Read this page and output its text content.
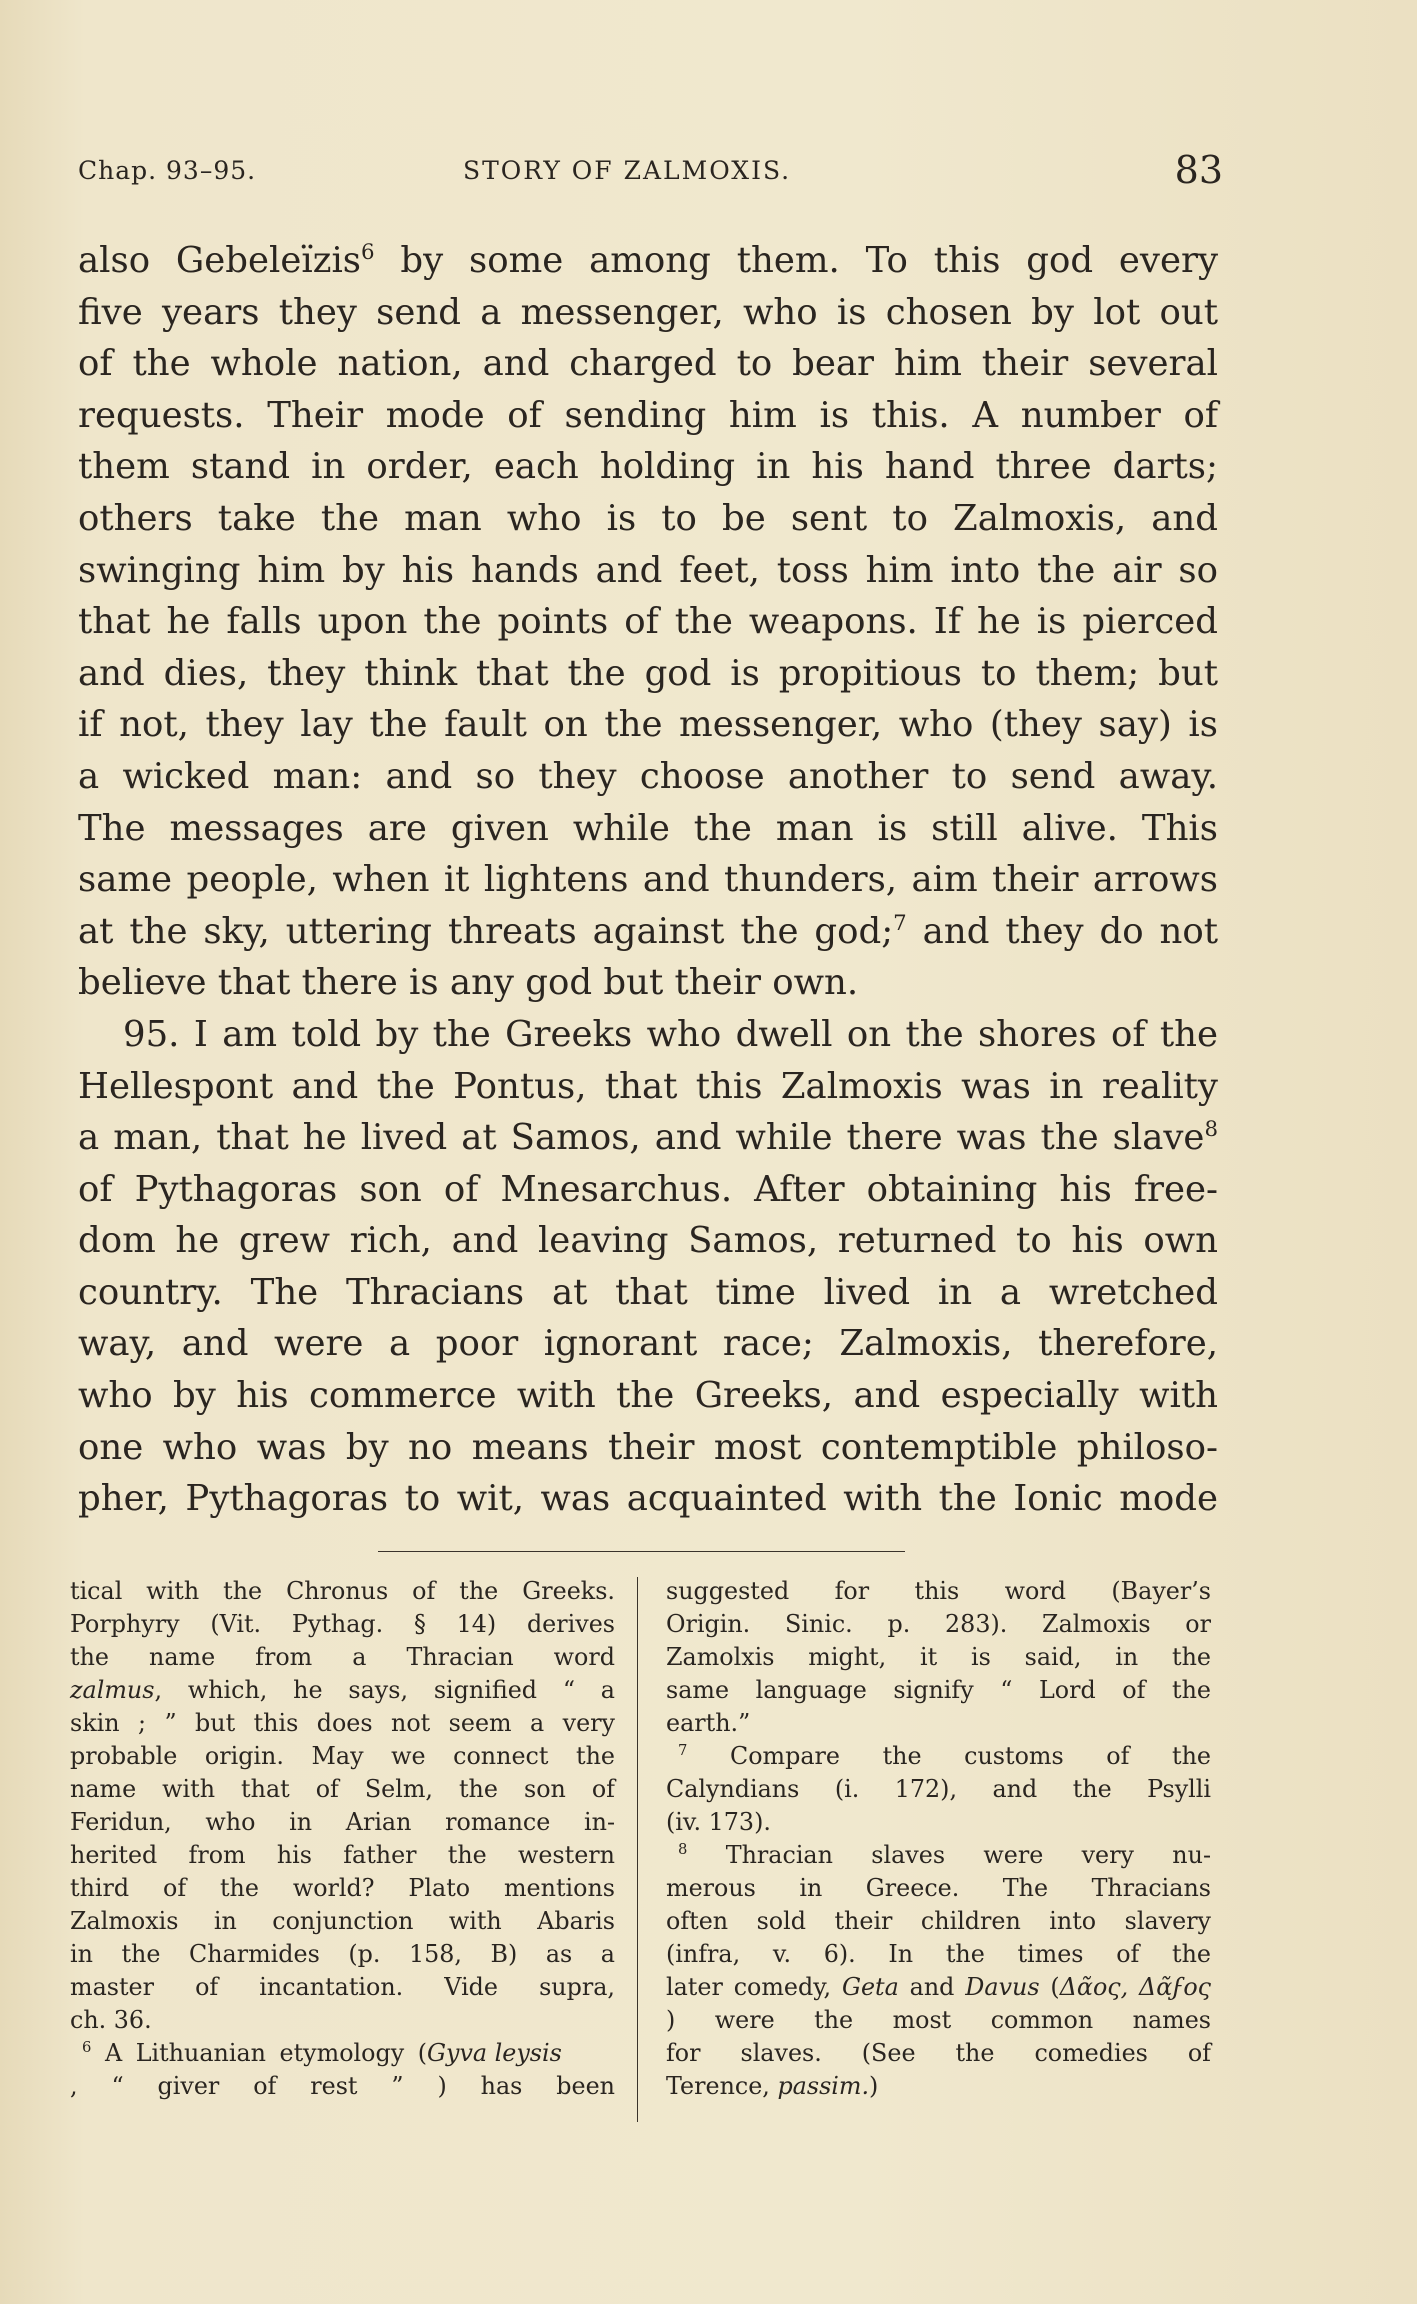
Chap. 93–95.	STORY OF ZALMOXIS.	83

also Gebeleïzis$^6$ by some among them. To this god every

five years they send a messenger, who is chosen by lot out

of the whole nation, and charged to bear him their several

requests. Their mode of sending him is this. A number of

them stand in order, each holding in his hand three darts;

others take the man who is to be sent to Zalmoxis, and

swinging him by his hands and feet, toss him into the air so

that he falls upon the points of the weapons. If he is pierced

and dies, they think that the god is propitious to them; but

if not, they lay the fault on the messenger, who (they say) is

a wicked man: and so they choose another to send away.

The messages are given while the man is still alive. This

same people, when it lightens and thunders, aim their arrows

at the sky, uttering threats against the god;$^7$ and they do not

believe that there is any god but their own.

95. I am told by the Greeks who dwell on the shores of the

Hellespont and the Pontus, that this Zalmoxis was in reality

a man, that he lived at Samos, and while there was the slave$^8$

of Pythagoras son of Mnesarchus. After obtaining his free-

dom he grew rich, and leaving Samos, returned to his own

country. The Thracians at that time lived in a wretched

way, and were a poor ignorant race; Zalmoxis, therefore,

who by his commerce with the Greeks, and especially with

one who was by no means their most contemptible philoso-

pher, Pythagoras to wit, was acquainted with the Ionic mode

tical with the Chronus of the Greeks.

Porphyry (Vit. Pythag. § 14) derives

the name from a Thracian word

zalmus, which, he says, signified “ a

skin ; ” but this does not seem a very

probable origin. May we connect the

name with that of Selm, the son of

Feridun, who in Arian romance in-

herited from his father the western

third of the world? Plato mentions

Zalmoxis in conjunction with Abaris

in the Charmides (p. 158, B) as a

master of incantation. Vide supra,

ch. 36.

$^6$ A Lithuanian etymology (Gyva leysis

, “ giver of rest ” ) has been

suggested for this word (Bayer’s

Origin. Sinic. p. 283). Zalmoxis or

Zamolxis might, it is said, in the

same language signify “ Lord of the

earth.”

$^7$ Compare the customs of the

Calyndians (i. 172), and the Psylli

(iv. 173).

$^8$ Thracian slaves were very nu-

merous in Greece. The Thracians

often sold their children into slavery

(infra, v. 6). In the times of the

later comedy, Geta and Davus (Δᾶος, Δᾶϝος

) were the most common names

for slaves. (See the comedies of

Terence, passim.)
